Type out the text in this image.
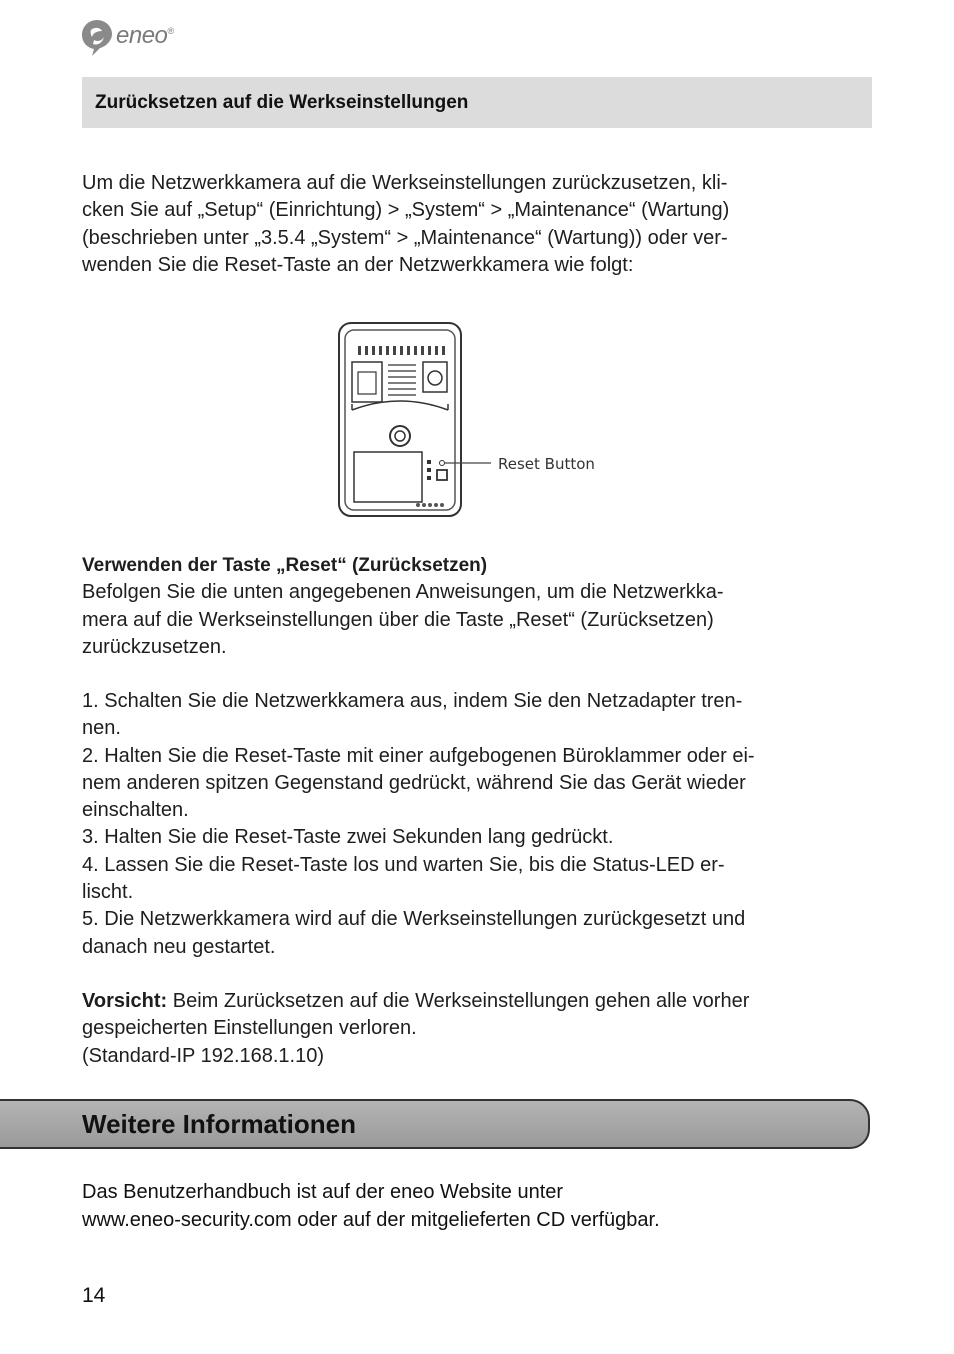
eneo®
Zurücksetzen auf die Werkseinstellungen

Um die Netzwerkkamera auf die Werkseinstellungen zurückzusetzen, kli-

cken Sie auf „Setup“ (Einrichtung) > „System“ > „Maintenance“ (Wartung)

(beschrieben unter „3.5.4 „System“ > „Maintenance“ (Wartung)) oder ver-

wenden Sie die Reset-Taste an der Netzwerkkamera wie folgt:

Reset Button

Verwenden der Taste „Reset“ (Zurücksetzen)

Befolgen Sie die unten angegebenen Anweisungen, um die Netzwerkka-

mera auf die Werkseinstellungen über die Taste „Reset“ (Zurücksetzen)

zurückzusetzen.

1. Schalten Sie die Netzwerkkamera aus, indem Sie den Netzadapter tren-

nen.

2. Halten Sie die Reset-Taste mit einer aufgebogenen Büroklammer oder ei-

nem anderen spitzen Gegenstand gedrückt, während Sie das Gerät wieder

einschalten.

3. Halten Sie die Reset-Taste zwei Sekunden lang gedrückt.

4. Lassen Sie die Reset-Taste los und warten Sie, bis die Status-LED er-

lischt.

5. Die Netzwerkkamera wird auf die Werkseinstellungen zurückgesetzt und

danach neu gestartet.

Vorsicht: Beim Zurücksetzen auf die Werkseinstellungen gehen alle vorher

gespeicherten Einstellungen verloren.

(Standard-IP 192.168.1.10)

Weitere Informationen
Das Benutzerhandbuch ist auf der eneo Website unter
www.eneo-security.com oder auf der mitgelieferten CD verfügbar.
14
